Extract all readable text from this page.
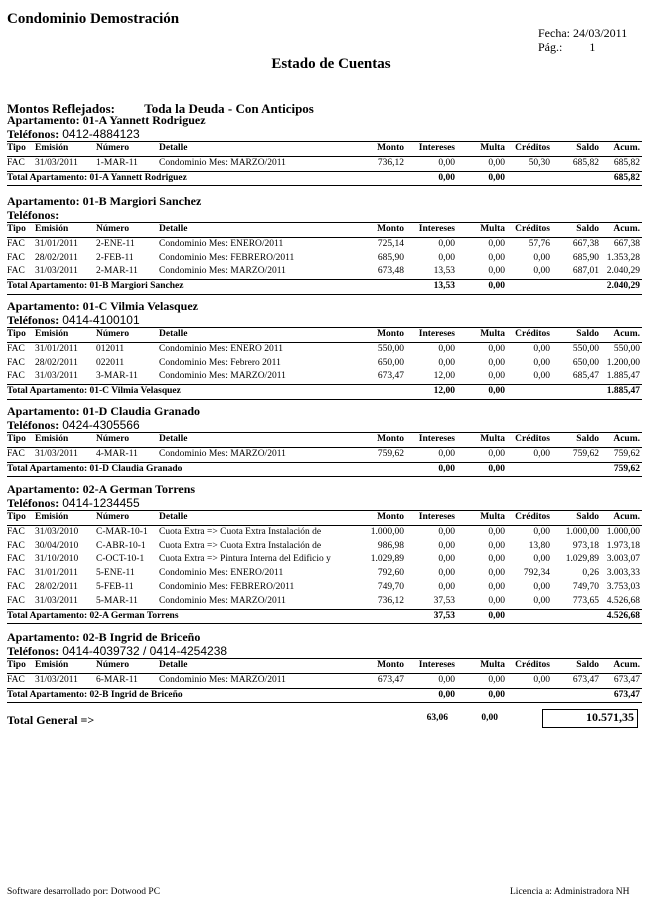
Condominio Demostración
Fecha: 24/03/2011
Pág.: 1
Estado de Cuentas
Montos Reflejados: Toda la Deuda - Con Anticipos
Apartamento: 01-A Yannett Rodriguez
Teléfonos: 0412-4884123
Tipo Emisión	Número	Detalle	Monto	Intereses	Multa	Créditos	Saldo	Acum.
FAC	31/03/2011	1-MAR-11	Condominio Mes: MARZO/2011	736,12	0,00	0,00	50,30	685,82	685,82
Total Apartamento: 01-A Yannett Rodriguez	0,00	0,00	685,82
Apartamento: 01-B Margiori Sanchez
Teléfonos:
Tipo Emisión	Número	Detalle	Monto	Intereses	Multa	Créditos	Saldo	Acum.
FAC	31/01/2011	2-ENE-11	Condominio Mes: ENERO/2011	725,14	0,00	0,00	57,76	667,38	667,38
FAC	28/02/2011	2-FEB-11	Condominio Mes: FEBRERO/2011	685,90	0,00	0,00	0,00	685,90 1.353,28
FAC	31/03/2011	2-MAR-11	Condominio Mes: MARZO/2011	673,48	13,53	0,00	0,00	687,01 2.040,29
Total Apartamento: 01-B Margiori Sanchez	13,53	0,00	2.040,29
Apartamento: 01-C Vilmia Velasquez
Teléfonos: 0414-4100101
Tipo Emisión	Número	Detalle	Monto	Intereses	Multa	Créditos	Saldo	Acum.
FAC	31/01/2011	012011	Condominio Mes: ENERO 2011	550,00	0,00	0,00	0,00	550,00	550,00
FAC	28/02/2011	022011	Condominio Mes: Febrero 2011	650,00	0,00	0,00	0,00	650,00 1.200,00
FAC	31/03/2011	3-MAR-11	Condominio Mes: MARZO/2011	673,47	12,00	0,00	0,00	685,47 1.885,47
Total Apartamento: 01-C Vilmia Velasquez	12,00	0,00	1.885,47
Apartamento: 01-D Claudia Granado
Teléfonos: 0424-4305566
Tipo Emisión	Número	Detalle	Monto	Intereses	Multa	Créditos	Saldo	Acum.
FAC	31/03/2011	4-MAR-11	Condominio Mes: MARZO/2011	759,62	0,00	0,00	0,00	759,62	759,62
Total Apartamento: 01-D Claudia Granado	0,00	0,00	759,62
Apartamento: 02-A German Torrens
Teléfonos: 0414-1234455
Tipo Emisión	Número	Detalle	Monto	Intereses	Multa	Créditos	Saldo	Acum.
FAC	31/03/2010	C-MAR-10-1	Cuota Extra => Cuota Extra Instalación de	1.000,00	0,00	0,00	0,00	1.000,00 1.000,00
FAC	30/04/2010	C-ABR-10-1	Cuota Extra => Cuota Extra Instalación de	986,98	0,00	0,00	13,80	973,18 1.973,18
FAC	31/10/2010	C-OCT-10-1	Cuota Extra => Pintura Interna del Edificio y	1.029,89	0,00	0,00	0,00	1.029,89 3.003,07
FAC	31/01/2011	5-ENE-11	Condominio Mes: ENERO/2011	792,60	0,00	0,00	792,34	0,26 3.003,33
FAC	28/02/2011	5-FEB-11	Condominio Mes: FEBRERO/2011	749,70	0,00	0,00	0,00	749,70 3.753,03
FAC	31/03/2011	5-MAR-11	Condominio Mes: MARZO/2011	736,12	37,53	0,00	0,00	773,65 4.526,68
Total Apartamento: 02-A German Torrens	37,53	0,00	4.526,68
Apartamento: 02-B Ingrid de Briceño
Teléfonos: 0414-4039732 / 0414-4254238
Tipo Emisión	Número	Detalle	Monto	Intereses	Multa	Créditos	Saldo	Acum.
FAC	31/03/2011	6-MAR-11	Condominio Mes: MARZO/2011	673,47	0,00	0,00	0,00	673,47	673,47
Total Apartamento: 02-B Ingrid de Briceño	0,00	0,00	673,47
Total General =>	63,06	0,00	10.571,35
Software desarrollado por: Dotwood PC	Licencia a: Administradora NH
